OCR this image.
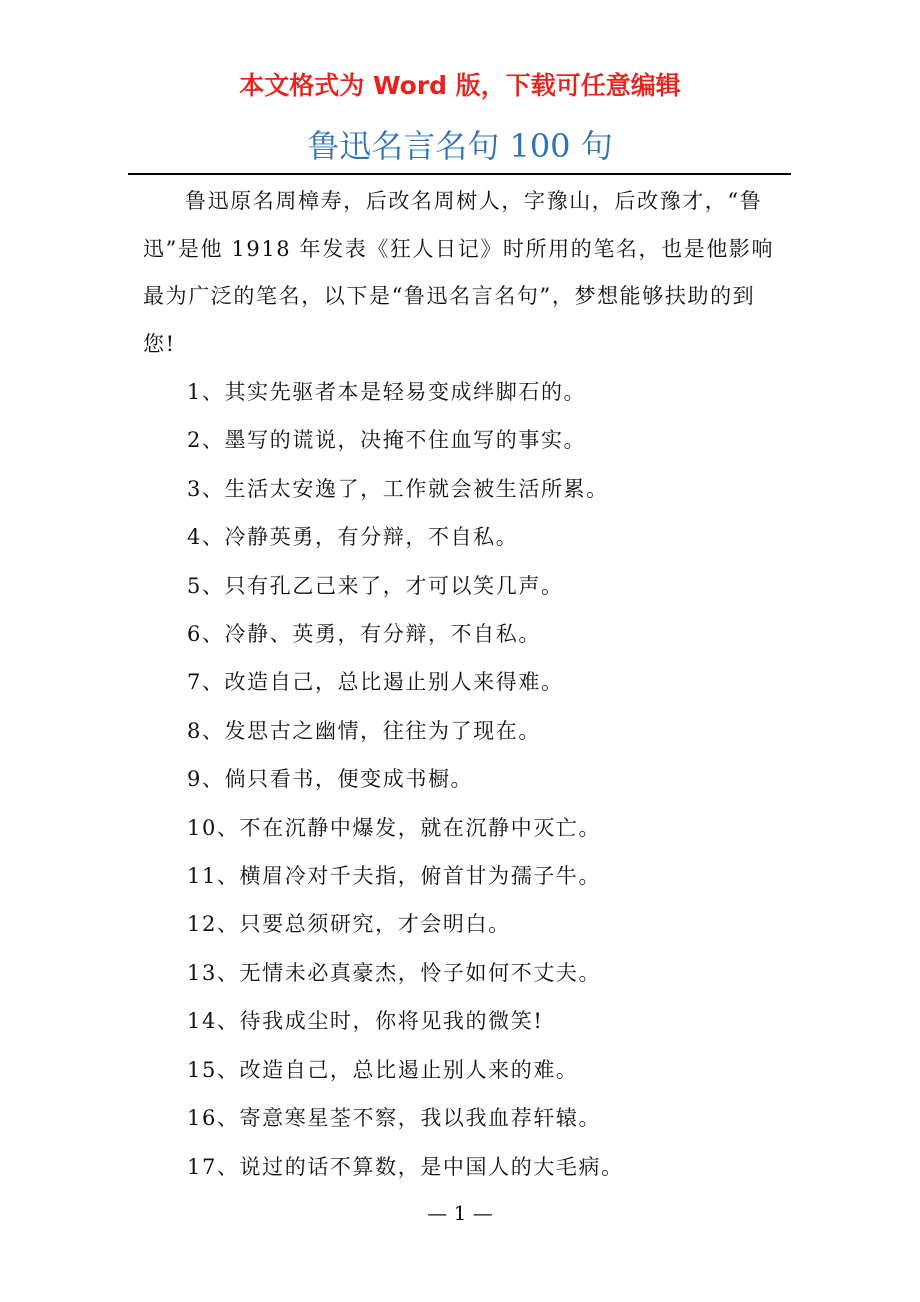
本文格式为 Word 版，下载可任意编辑
鲁迅名言名句 100 句

鲁迅原名周樟寿，后改名周树人，字豫山，后改豫才，“鲁迅”是他 1918 年发表《狂人日记》时所用的笔名，也是他影响最为广泛的笔名，以下是“鲁迅名言名句”，梦想能够扶助的到您!

1、其实先驱者本是轻易变成绊脚石的。
2、墨写的谎说，决掩不住血写的事实。
3、生活太安逸了，工作就会被生活所累。
4、冷静英勇，有分辩，不自私。
5、只有孔乙己来了，才可以笑几声。
6、冷静、英勇，有分辩，不自私。
7、改造自己，总比遏止别人来得难。
8、发思古之幽情，往往为了现在。
9、倘只看书，便变成书橱。
10、不在沉静中爆发，就在沉静中灭亡。
11、横眉冷对千夫指，俯首甘为孺子牛。
12、只要总须研究，才会明白。
13、无情未必真豪杰，怜子如何不丈夫。
14、待我成尘时，你将见我的微笑!
15、改造自己，总比遏止别人来的难。
16、寄意寒星荃不察，我以我血荐轩辕。
17、说过的话不算数，是中国人的大毛病。
— 1 —
